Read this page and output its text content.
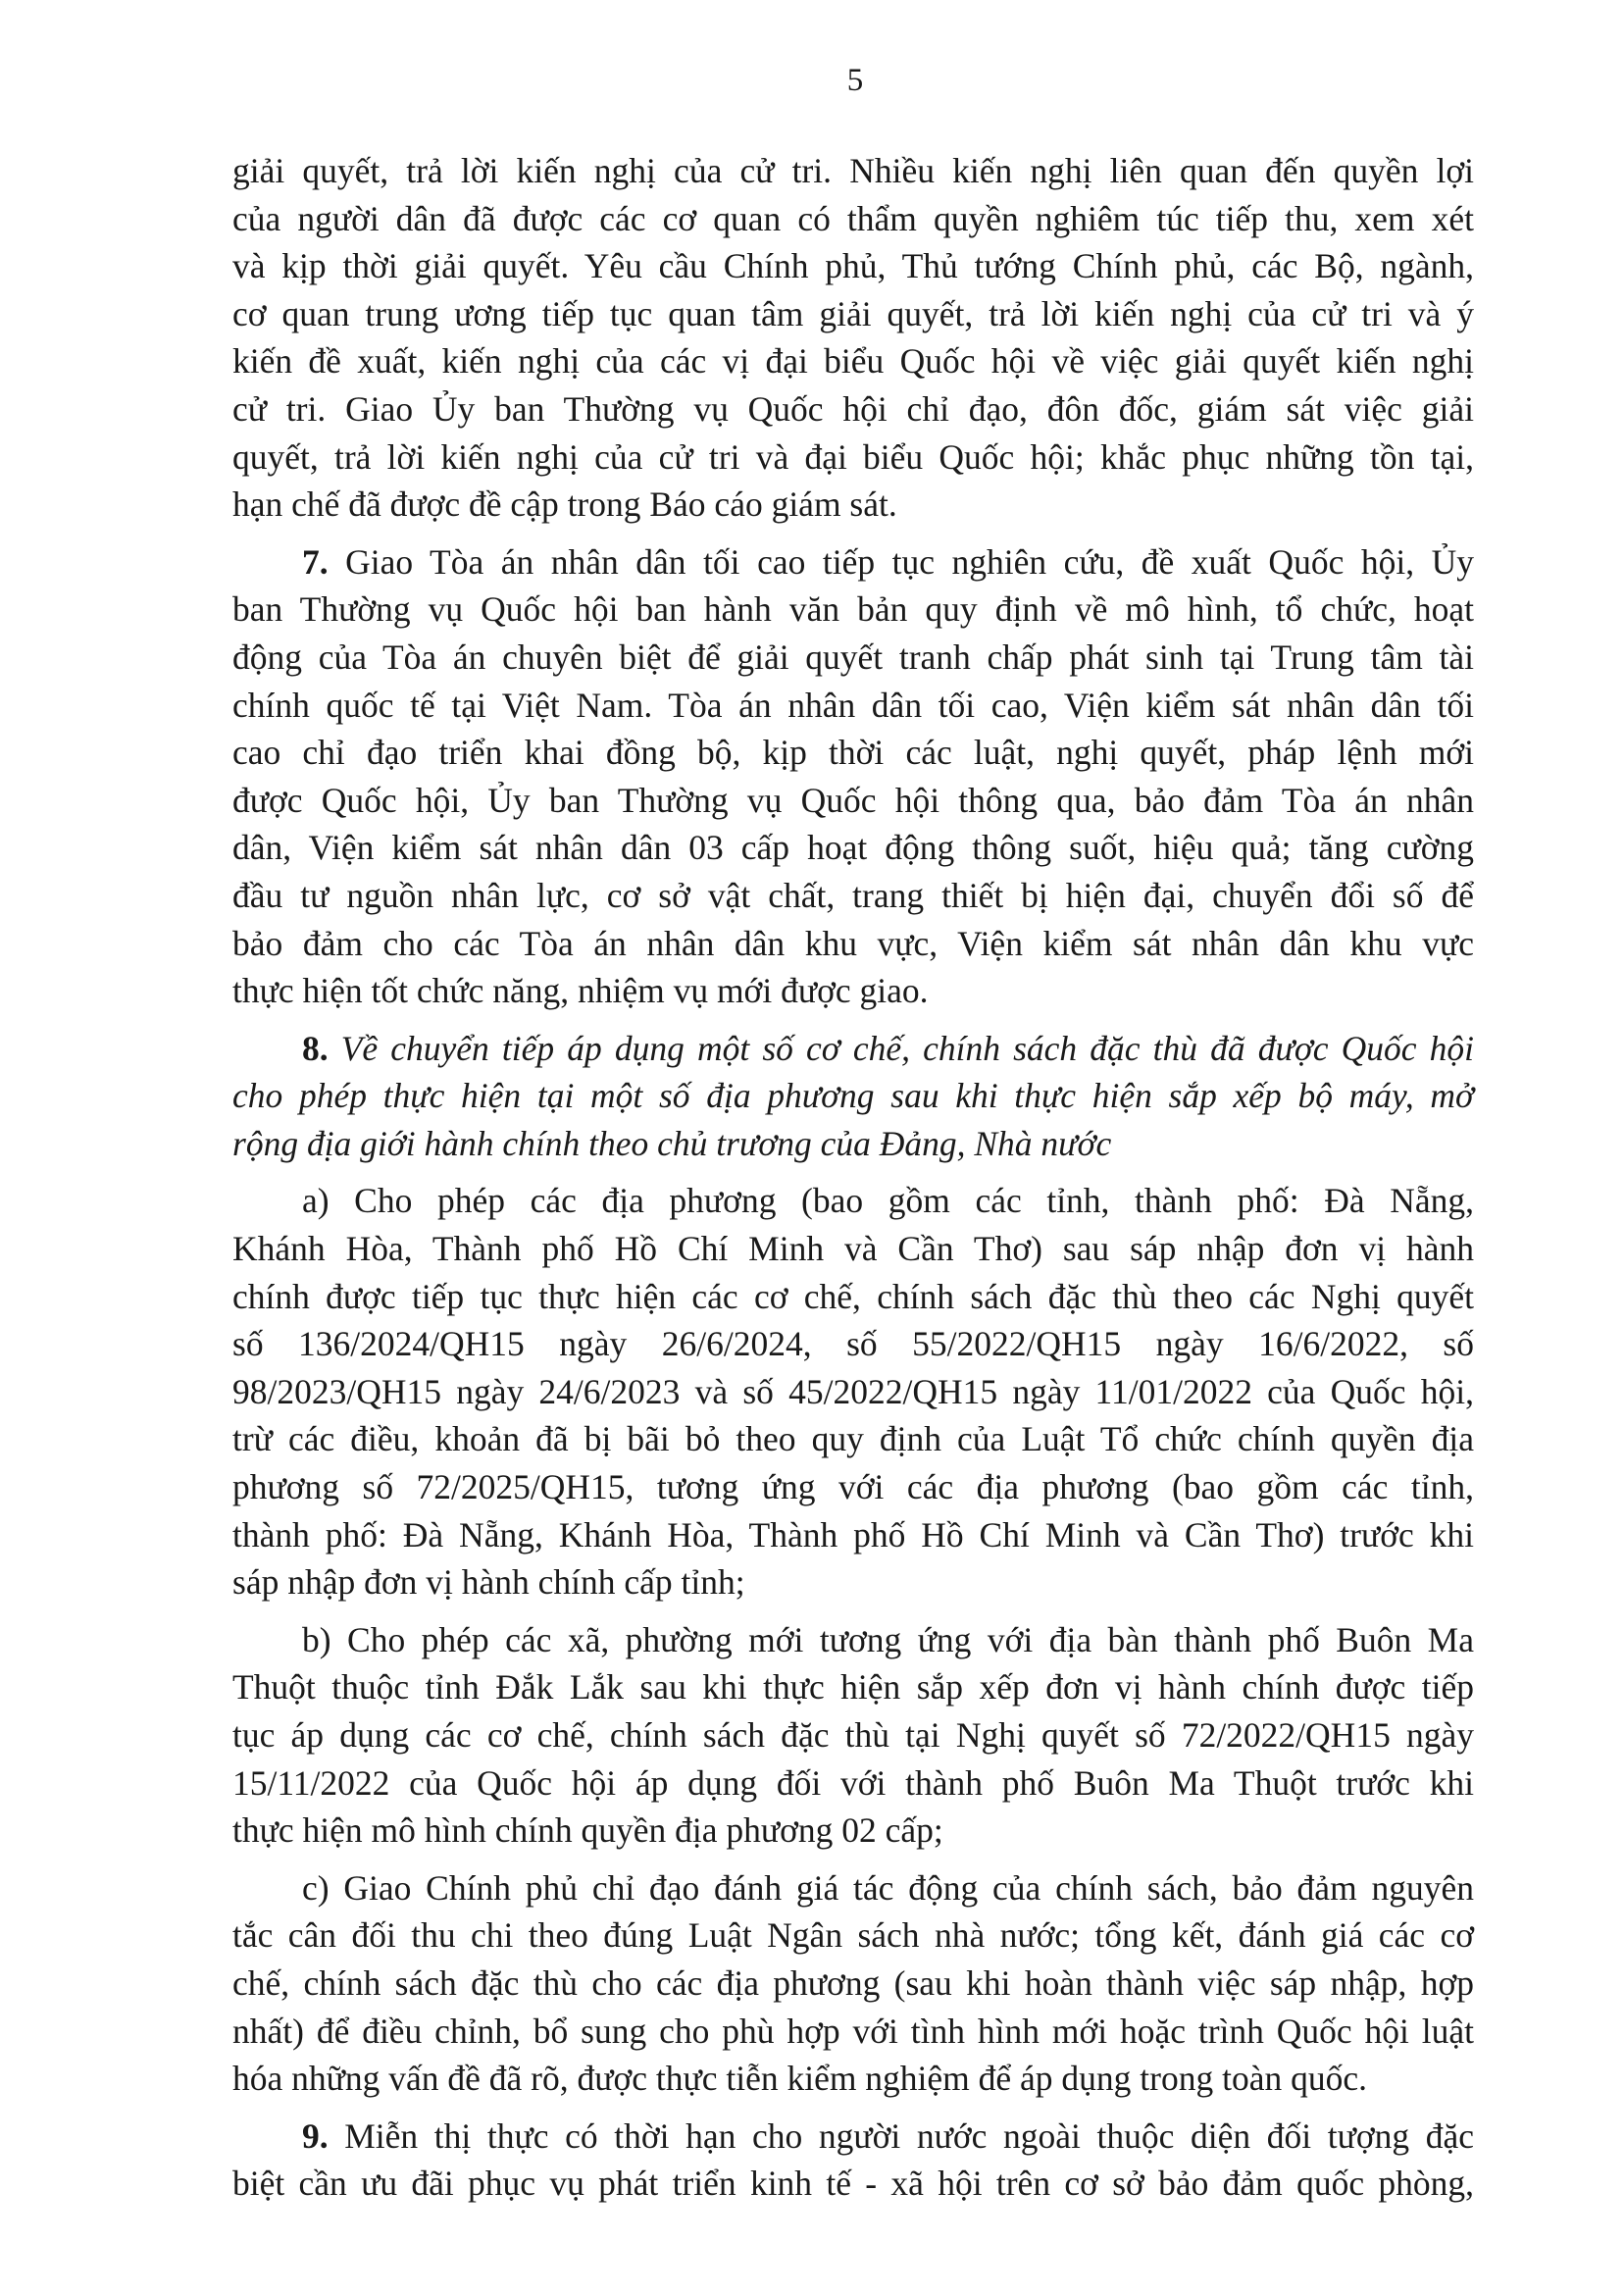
5
giải quyết, trả lời kiến nghị của cử tri. Nhiều kiến nghị liên quan đến quyền lợi
của người dân đã được các cơ quan có thẩm quyền nghiêm túc tiếp thu, xem xét
và kịp thời giải quyết. Yêu cầu Chính phủ, Thủ tướng Chính phủ, các Bộ, ngành,
cơ quan trung ương tiếp tục quan tâm giải quyết, trả lời kiến nghị của cử tri và ý
kiến đề xuất, kiến nghị của các vị đại biểu Quốc hội về việc giải quyết kiến nghị
cử tri. Giao Ủy ban Thường vụ Quốc hội chỉ đạo, đôn đốc, giám sát việc giải
quyết, trả lời kiến nghị của cử tri và đại biểu Quốc hội; khắc phục những tồn tại,
hạn chế đã được đề cập trong Báo cáo giám sát.
7. Giao Tòa án nhân dân tối cao tiếp tục nghiên cứu, đề xuất Quốc hội, Ủy
ban Thường vụ Quốc hội ban hành văn bản quy định về mô hình, tổ chức, hoạt
động của Tòa án chuyên biệt để giải quyết tranh chấp phát sinh tại Trung tâm tài
chính quốc tế tại Việt Nam. Tòa án nhân dân tối cao, Viện kiểm sát nhân dân tối
cao chỉ đạo triển khai đồng bộ, kịp thời các luật, nghị quyết, pháp lệnh mới
được Quốc hội, Ủy ban Thường vụ Quốc hội thông qua, bảo đảm Tòa án nhân
dân, Viện kiểm sát nhân dân 03 cấp hoạt động thông suốt, hiệu quả; tăng cường
đầu tư nguồn nhân lực, cơ sở vật chất, trang thiết bị hiện đại, chuyển đổi số để
bảo đảm cho các Tòa án nhân dân khu vực, Viện kiểm sát nhân dân khu vực
thực hiện tốt chức năng, nhiệm vụ mới được giao.
8. Về chuyển tiếp áp dụng một số cơ chế, chính sách đặc thù đã được Quốc hội
cho phép thực hiện tại một số địa phương sau khi thực hiện sắp xếp bộ máy, mở
rộng địa giới hành chính theo chủ trương của Đảng, Nhà nước
a) Cho phép các địa phương (bao gồm các tỉnh, thành phố: Đà Nẵng,
Khánh Hòa, Thành phố Hồ Chí Minh và Cần Thơ) sau sáp nhập đơn vị hành
chính được tiếp tục thực hiện các cơ chế, chính sách đặc thù theo các Nghị quyết
số 136/2024/QH15 ngày 26/6/2024, số 55/2022/QH15 ngày 16/6/2022, số
98/2023/QH15 ngày 24/6/2023 và số 45/2022/QH15 ngày 11/01/2022 của Quốc hội,
trừ các điều, khoản đã bị bãi bỏ theo quy định của Luật Tổ chức chính quyền địa
phương số 72/2025/QH15, tương ứng với các địa phương (bao gồm các tỉnh,
thành phố: Đà Nẵng, Khánh Hòa, Thành phố Hồ Chí Minh và Cần Thơ) trước khi
sáp nhập đơn vị hành chính cấp tỉnh;
b) Cho phép các xã, phường mới tương ứng với địa bàn thành phố Buôn Ma
Thuột thuộc tỉnh Đắk Lắk sau khi thực hiện sắp xếp đơn vị hành chính được tiếp
tục áp dụng các cơ chế, chính sách đặc thù tại Nghị quyết số 72/2022/QH15 ngày
15/11/2022 của Quốc hội áp dụng đối với thành phố Buôn Ma Thuột trước khi
thực hiện mô hình chính quyền địa phương 02 cấp;
c) Giao Chính phủ chỉ đạo đánh giá tác động của chính sách, bảo đảm nguyên
tắc cân đối thu chi theo đúng Luật Ngân sách nhà nước; tổng kết, đánh giá các cơ
chế, chính sách đặc thù cho các địa phương (sau khi hoàn thành việc sáp nhập, hợp
nhất) để điều chỉnh, bổ sung cho phù hợp với tình hình mới hoặc trình Quốc hội luật
hóa những vấn đề đã rõ, được thực tiễn kiểm nghiệm để áp dụng trong toàn quốc.
9. Miễn thị thực có thời hạn cho người nước ngoài thuộc diện đối tượng đặc
biệt cần ưu đãi phục vụ phát triển kinh tế - xã hội trên cơ sở bảo đảm quốc phòng,
